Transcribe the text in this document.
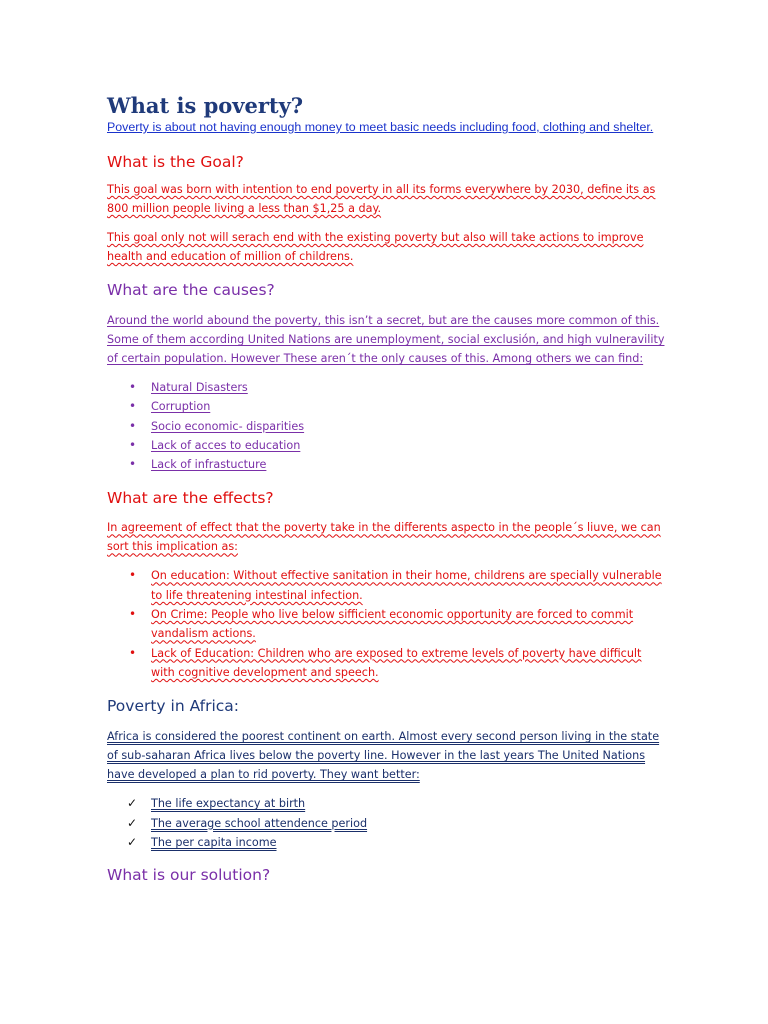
What is poverty?

Poverty is about not having enough money to meet basic needs including food, clothing and shelter.

What is the Goal?

This goal was born with intention to end poverty in all its forms everywhere by 2030, define its as 800 million people living a less than $1,25 a day.

This goal only not will serach end with the existing poverty but also will take actions to improve health and education of million of childrens.

What are the causes?

Around the world abound the poverty, this isn’t a secret, but are the causes more common of this. Some of them according United Nations are unemployment, social exclusión, and high vulneravility of certain population. However These aren´t the only causes of this. Among others we can find:

• Natural Disasters
• Corruption
• Socio economic- disparities
• Lack of acces to education
• Lack of infrastucture
What are the effects?

In agreement of effect that the poverty take in the differents aspecto in the people´s liuve, we can sort this implication as:

• On education: Without effective sanitation in their home, childrens are specially vulnerable to life threatening intestinal infection.
• On Crime: People who live below sifficient economic opportunity are forced to commit vandalism actions.
• Lack of Education: Children who are exposed to extreme levels of poverty have difficult with cognitive development and speech.
Poverty in Africa:

Africa is considered the poorest continent on earth. Almost every second person living in the state of sub-saharan Africa lives below the poverty line. However in the last years The United Nations have developed a plan to rid poverty. They want better:

✓ The life expectancy at birth
✓ The average school attendence period
✓ The per capita income
What is our solution?
